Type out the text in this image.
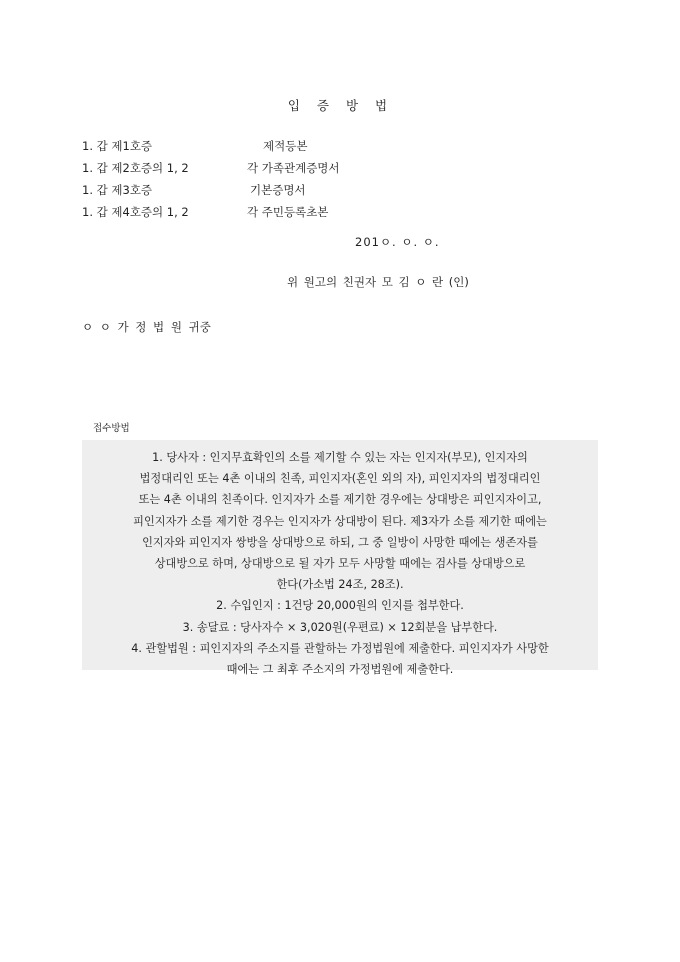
입 증 방 법
1. 갑 제1호증	제적등본
1. 갑 제2호증의 1, 2	각 가족관계증명서
1. 갑 제3호증	기본증명서
1. 갑 제4호증의 1, 2	각 주민등록초본
201ㅇ. ㅇ. ㅇ.
위 원고의 친권자 모 김 ㅇ 란 (인)
ㅇ ㅇ 가 정 법 원 귀중
접수방법
1. 당사자 : 인지무효확인의 소를 제기할 수 있는 자는 인지자(부모), 인지자의
법정대리인 또는 4촌 이내의 친족, 피인지자(혼인 외의 자), 피인지자의 법정대리인
또는 4촌 이내의 친족이다. 인지자가 소를 제기한 경우에는 상대방은 피인지자이고,
피인지자가 소를 제기한 경우는 인지자가 상대방이 된다. 제3자가 소를 제기한 때에는
인지자와 피인지자 쌍방을 상대방으로 하되, 그 중 일방이 사망한 때에는 생존자를
상대방으로 하며, 상대방으로 될 자가 모두 사망할 때에는 검사를 상대방으로
한다(가소법 24조, 28조).
2. 수입인지 : 1건당 20,000원의 인지를 첩부한다.
3. 송달료 : 당사자수 × 3,020원(우편료) × 12회분을 납부한다.
4. 관할법원 : 피인지자의 주소지를 관할하는 가정법원에 제출한다. 피인지자가 사망한
때에는 그 최후 주소지의 가정법원에 제출한다.
